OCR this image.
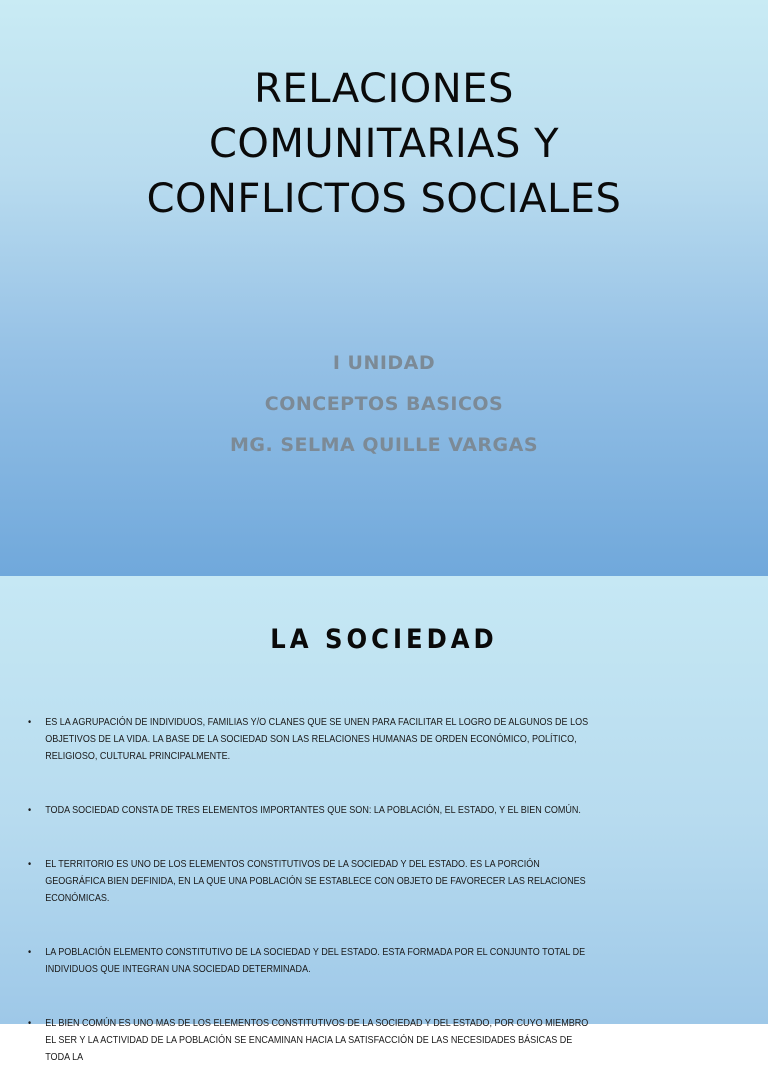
RELACIONES
COMUNITARIAS Y
CONFLICTOS SOCIALES
I UNIDAD
CONCEPTOS BASICOS
MG. SELMA QUILLE VARGAS
LA SOCIEDAD
• ES LA AGRUPACIÓN DE INDIVIDUOS, FAMILIAS Y/O CLANES QUE SE UNEN PARA FACILITAR EL LOGRO DE ALGUNOS DE LOS OBJETIVOS DE LA VIDA. LA BASE DE LA SOCIEDAD SON LAS RELACIONES HUMANAS DE ORDEN ECONÓMICO, POLÍTICO, RELIGIOSO, CULTURAL PRINCIPALMENTE.
• TODA SOCIEDAD CONSTA DE TRES ELEMENTOS IMPORTANTES QUE SON: LA POBLACIÓN, EL ESTADO, Y EL BIEN COMÚN.
• EL TERRITORIO ES UNO DE LOS ELEMENTOS CONSTITUTIVOS DE LA SOCIEDAD Y DEL ESTADO. ES LA PORCIÓN GEOGRÁFICA BIEN DEFINIDA, EN LA QUE UNA POBLACIÓN SE ESTABLECE CON OBJETO DE FAVORECER LAS RELACIONES ECONÓMICAS.
• LA POBLACIÓN ELEMENTO CONSTITUTIVO DE LA SOCIEDAD Y DEL ESTADO. ESTA FORMADA POR EL CONJUNTO TOTAL DE INDIVIDUOS QUE INTEGRAN UNA SOCIEDAD DETERMINADA.
• EL BIEN COMÚN ES UNO MAS DE LOS ELEMENTOS CONSTITUTIVOS DE LA SOCIEDAD Y DEL ESTADO, POR CUYO MIEMBRO EL SER Y LA ACTIVIDAD DE LA POBLACIÓN SE ENCAMINAN HACIA LA SATISFACCIÓN DE LAS NECESIDADES BÁSICAS DE TODA LA
